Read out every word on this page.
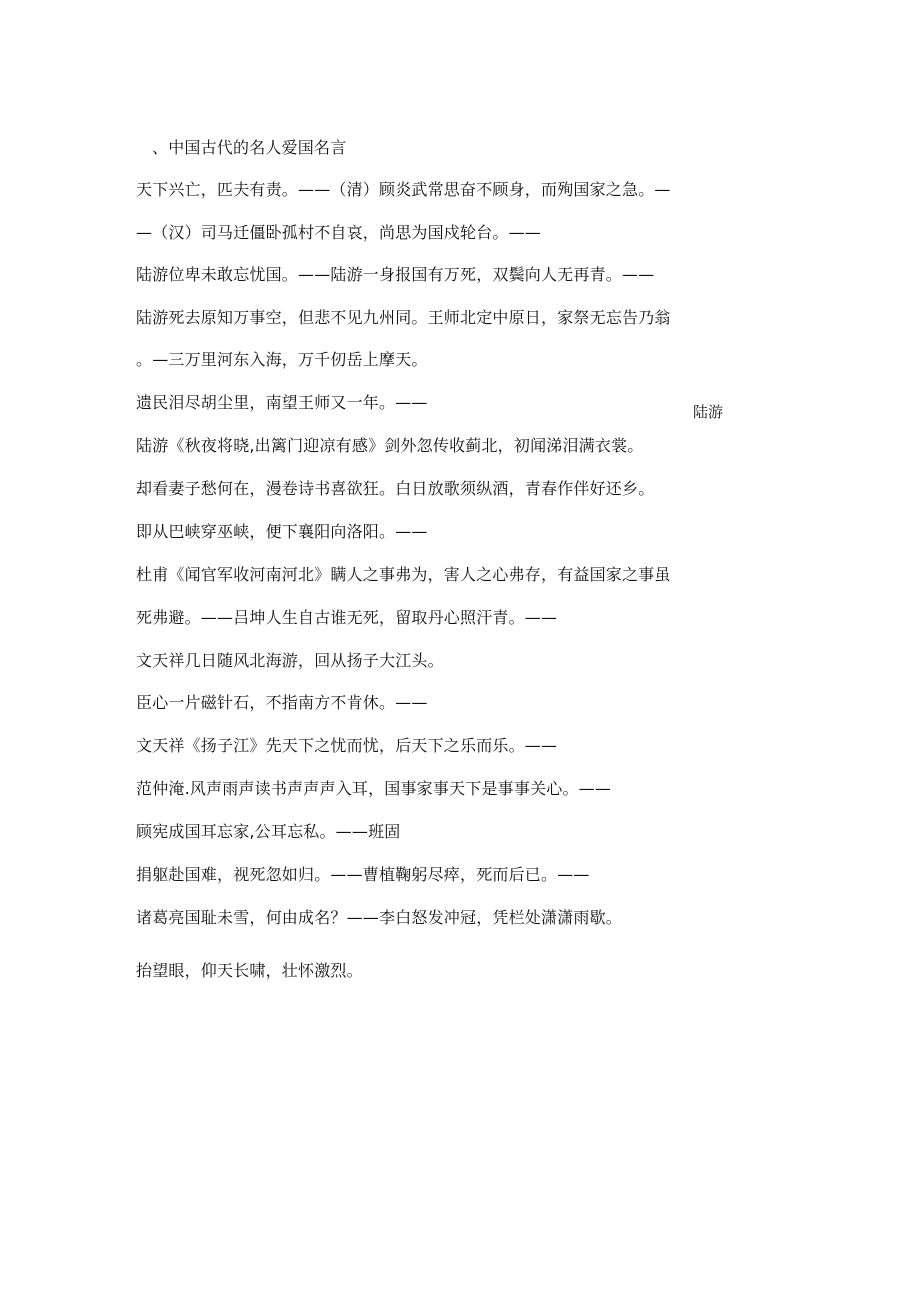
、中国古代的名人爱国名言
天下兴亡，匹夫有责。——（清）顾炎武常思奋不顾身，而殉国家之急。—
—（汉）司马迁僵卧孤村不自哀，尚思为国戍轮台。——
陆游位卑未敢忘忧国。——陆游一身报国有万死，双鬓向人无再青。——
陆游死去原知万事空，但悲不见九州同。王师北定中原日，家祭无忘告乃翁
。—三万里河东入海，万千仞岳上摩天。
遗民泪尽胡尘里，南望王师又一年。——	陆游
陆游《秋夜将晓,出篱门迎凉有感》剑外忽传收蓟北，初闻涕泪满衣裳。
却看妻子愁何在，漫卷诗书喜欲狂。白日放歌须纵酒，青春作伴好还乡。
即从巴峡穿巫峡，便下襄阳向洛阳。——
杜甫《闻官军收河南河北》瞒人之事弗为，害人之心弗存，有益国家之事虽
死弗避。——吕坤人生自古谁无死，留取丹心照汗青。——
文天祥几日随风北海游，回从扬子大江头。
臣心一片磁针石，不指南方不肯休。——
文天祥《扬子江》先天下之忧而忧，后天下之乐而乐。——
范仲淹.风声雨声读书声声声入耳，国事家事天下是事事关心。——
顾宪成国耳忘家,公耳忘私。——班固
捐躯赴国难，视死忽如归。——曹植鞠躬尽瘁，死而后已。——
诸葛亮国耻未雪，何由成名？——李白怒发冲冠，凭栏处潇潇雨歇。
抬望眼，仰天长啸，壮怀激烈。
